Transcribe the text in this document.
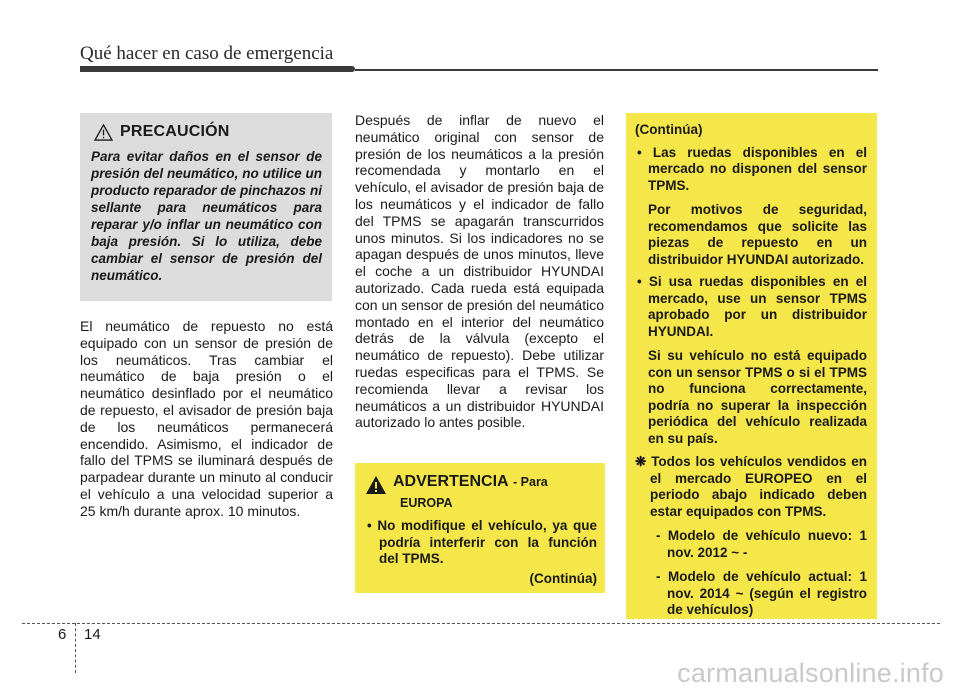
Qué hacer en caso de emergencia
PRECAUCIÓN

Para evitar daños en el sensor de presión del neumático, no utilice un producto reparador de pinchazos ni sellante para neumáticos para reparar y/o inflar un neumático con baja presión. Si lo utiliza, debe cambiar el sensor de presión del neumático.

El neumático de repuesto no está equipado con un sensor de presión de los neumáticos. Tras cambiar el neumático de baja presión o el neumático desinflado por el neumático de repuesto, el avisador de presión baja de los neumáticos permanecerá encendido. Asimismo, el indicador de fallo del TPMS se iluminará después de parpadear durante un minuto al conducir el vehículo a una velocidad superior a 25 km/h durante aprox. 10 minutos.

Después de inflar de nuevo el neumático original con sensor de presión de los neumáticos a la presión recomendada y montarlo en el vehículo, el avisador de presión baja de los neumáticos y el indicador de fallo del TPMS se apagarán transcurridos unos minutos. Si los indicadores no se apagan después de unos minutos, lleve el coche a un distribuidor HYUNDAI autorizado. Cada rueda está equipada con un sensor de presión del neumático montado en el interior del neumático detrás de la válvula (excepto el neumático de repuesto). Debe utilizar ruedas especificas para el TPMS. Se recomienda llevar a revisar los neumáticos a un distribuidor HYUNDAI autorizado lo antes posible.

ADVERTENCIA - Para
EUROPA

• No modifique el vehículo, ya que podría interferir con la función del TPMS.

(Continúa)

(Continúa)

• Las ruedas disponibles en el mercado no disponen del sensor TPMS.

Por motivos de seguridad, recomendamos que solicite las piezas de repuesto en un distribuidor HYUNDAI autorizado.

• Si usa ruedas disponibles en el mercado, use un sensor TPMS aprobado por un distribuidor HYUNDAI.

Si su vehículo no está equipado con un sensor TPMS o si el TPMS no funciona correctamente, podría no superar la inspección periódica del vehículo realizada en su país.

❋ Todos los vehículos vendidos en el mercado EUROPEO en el periodo abajo indicado deben estar equipados con TPMS.

- Modelo de vehículo nuevo: 1 nov. 2012 ~ -

- Modelo de vehículo actual: 1 nov. 2014 ~ (según el registro de vehículos)

6 14
carmanualsonline.info
